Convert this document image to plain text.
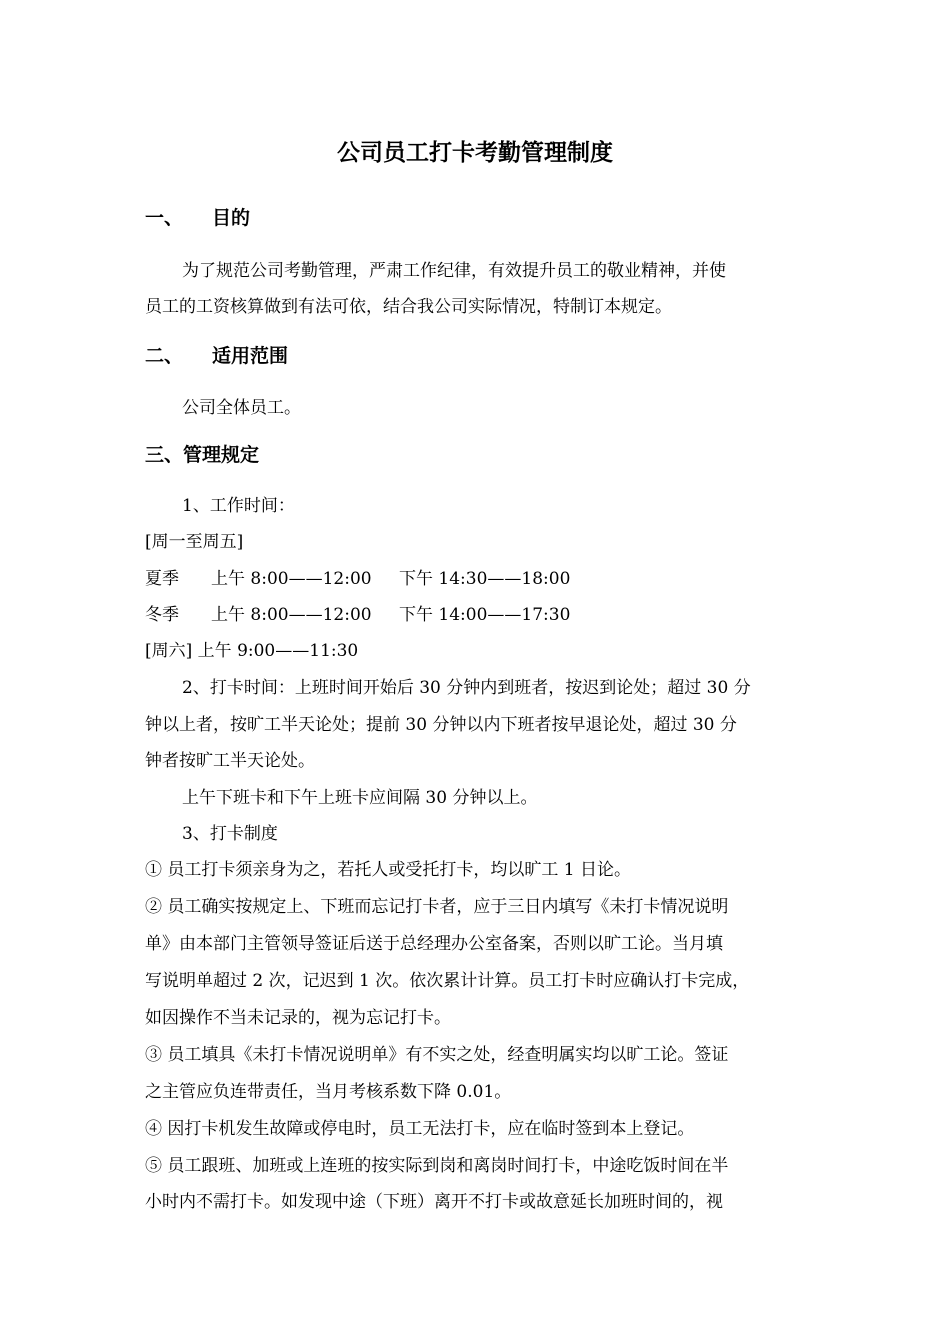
公司员工打卡考勤管理制度
一、 目的
为了规范公司考勤管理，严肃工作纪律，有效提升员工的敬业精神，并使
员工的工资核算做到有法可依，结合我公司实际情况，特制订本规定。
二、 适用范围
公司全体员工。
三、管理规定
1、工作时间：
[周一至周五]
夏季 上午 8:00——12:00 下午 14:30——18:00
冬季 上午 8:00——12:00 下午 14:00——17:30
[周六] 上午 9:00——11:30
2、打卡时间：上班时间开始后 30 分钟内到班者，按迟到论处；超过 30 分
钟以上者，按旷工半天论处；提前 30 分钟以内下班者按早退论处，超过 30 分
钟者按旷工半天论处。
上午下班卡和下午上班卡应间隔 30 分钟以上。
3、打卡制度
① 员工打卡须亲身为之，若托人或受托打卡，均以旷工 1 日论。
② 员工确实按规定上、下班而忘记打卡者，应于三日内填写《未打卡情况说明
单》由本部门主管领导签证后送于总经理办公室备案，否则以旷工论。当月填
写说明单超过 2 次，记迟到 1 次。依次累计计算。员工打卡时应确认打卡完成，
如因操作不当未记录的，视为忘记打卡。
③ 员工填具《未打卡情况说明单》有不实之处，经查明属实均以旷工论。签证
之主管应负连带责任，当月考核系数下降 0.01。
④ 因打卡机发生故障或停电时，员工无法打卡，应在临时签到本上登记。
⑤ 员工跟班、加班或上连班的按实际到岗和离岗时间打卡，中途吃饭时间在半
小时内不需打卡。如发现中途（下班）离开不打卡或故意延长加班时间的，视
